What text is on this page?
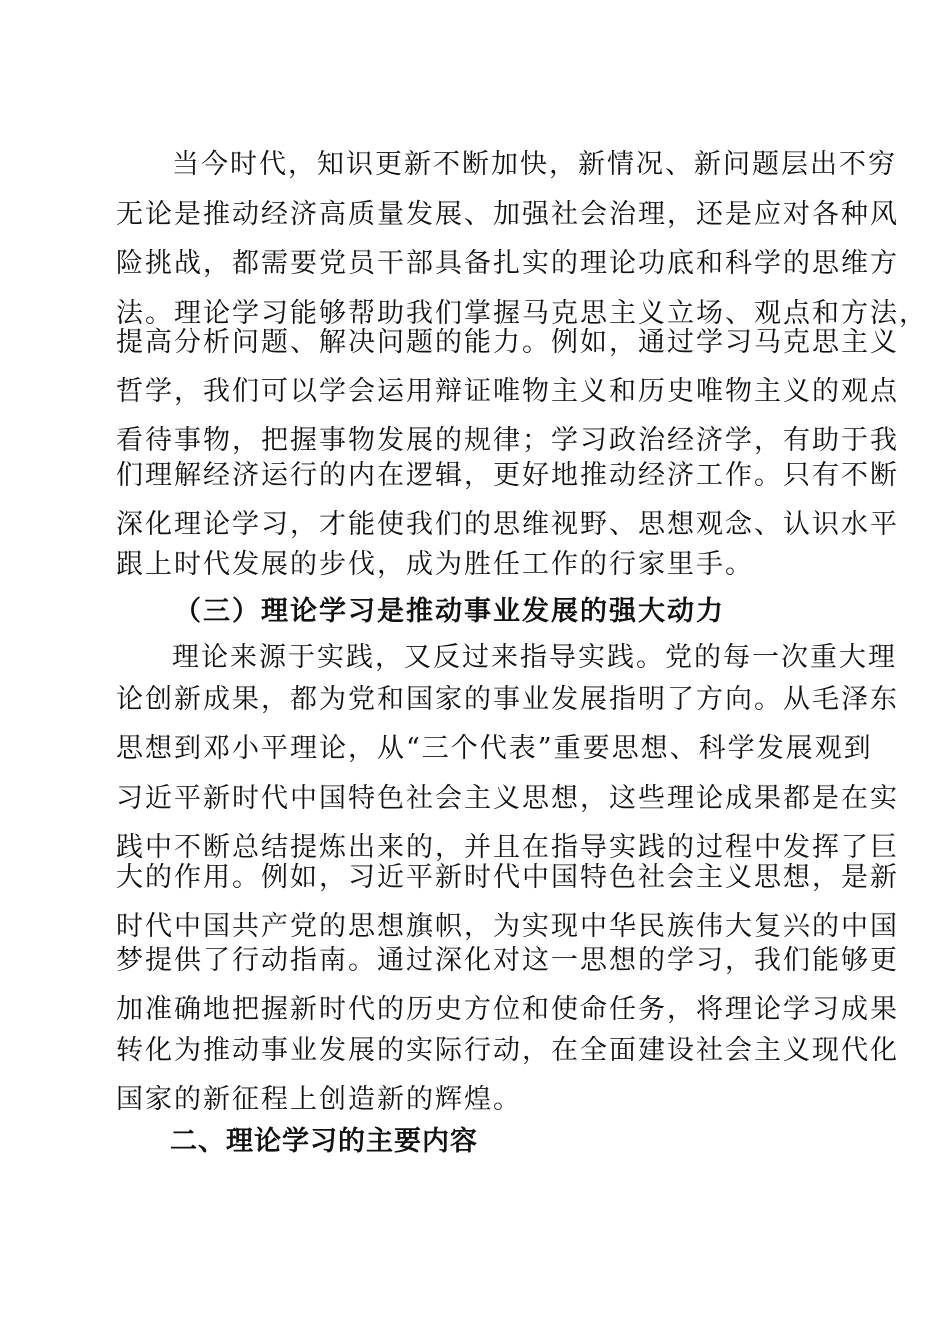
当今时代，知识更新不断加快，新情况、新问题层出不穷
无论是推动经济高质量发展、加强社会治理，还是应对各种风
险挑战，都需要党员干部具备扎实的理论功底和科学的思维方
法。理论学习能够帮助我们掌握马克思主义立场、观点和方法，
提高分析问题、解决问题的能力。例如，通过学习马克思主义
哲学，我们可以学会运用辩证唯物主义和历史唯物主义的观点
看待事物，把握事物发展的规律；学习政治经济学，有助于我
们理解经济运行的内在逻辑，更好地推动经济工作。只有不断
深化理论学习，才能使我们的思维视野、思想观念、认识水平
跟上时代发展的步伐，成为胜任工作的行家里手。
（三）理论学习是推动事业发展的强大动力
理论来源于实践，又反过来指导实践。党的每一次重大理
论创新成果，都为党和国家的事业发展指明了方向。从毛泽东
思想到邓小平理论，从“三个代表”重要思想、科学发展观到
习近平新时代中国特色社会主义思想，这些理论成果都是在实
践中不断总结提炼出来的，并且在指导实践的过程中发挥了巨
大的作用。例如，习近平新时代中国特色社会主义思想，是新
时代中国共产党的思想旗帜，为实现中华民族伟大复兴的中国
梦提供了行动指南。通过深化对这一思想的学习，我们能够更
加准确地把握新时代的历史方位和使命任务，将理论学习成果
转化为推动事业发展的实际行动，在全面建设社会主义现代化
国家的新征程上创造新的辉煌。
二、理论学习的主要内容
